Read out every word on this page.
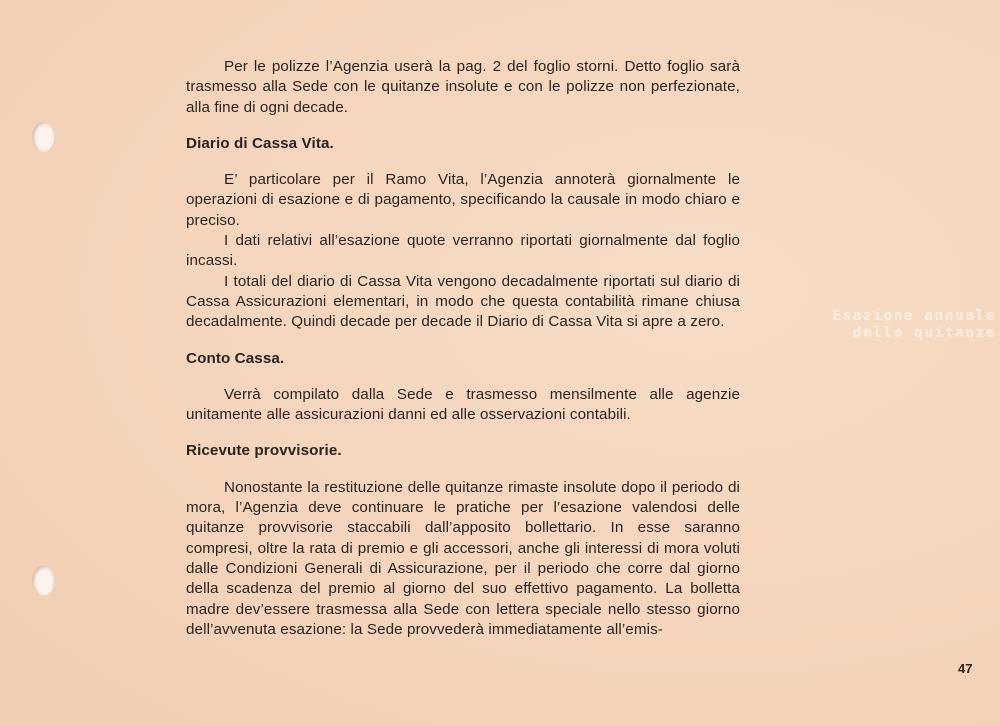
Per le polizze l’Agenzia userà la pag. 2 del foglio storni. Detto foglio sarà trasmesso alla Sede con le quitanze insolute e con le polizze non perfezionate, alla fine di ogni decade.

Diario di Cassa Vita.

E’ particolare per il Ramo Vita, l’Agenzia annoterà giornalmente le operazioni di esazione e di pagamento, specificando la causale in modo chiaro e preciso.

I dati relativi all’esazione quote verranno riportati giornalmente dal foglio incassi.

I totali del diario di Cassa Vita vengono decadalmente riportati sul diario di Cassa Assicurazioni elementari, in modo che questa contabilità rimane chiusa decadalmente. Quindi decade per decade il Diario di Cassa Vita si apre a zero.

Conto Cassa.

Verrà compilato dalla Sede e trasmesso mensilmente alle agenzie unitamente alle assicurazioni danni ed alle osservazioni contabili.

Ricevute provvisorie.

Nonostante la restituzione delle quitanze rimaste insolute dopo il periodo di mora, l’Agenzia deve continuare le pratiche per l’esazione valendosi delle quitanze provvisorie staccabili dall’apposito bollettario. In esse saranno compresi, oltre la rata di premio e gli accessori, anche gli interessi di mora voluti dalle Condizioni Generali di Assicurazione, per il periodo che corre dal giorno della scadenza del premio al giorno del suo effettivo pagamento. La bolletta madre dev’essere trasmessa alla Sede con lettera speciale nello stesso giorno dell’avvenuta esazione: la Sede provvederà immediatamente all’emis-

Esazione annuale
delle quitanze
47
